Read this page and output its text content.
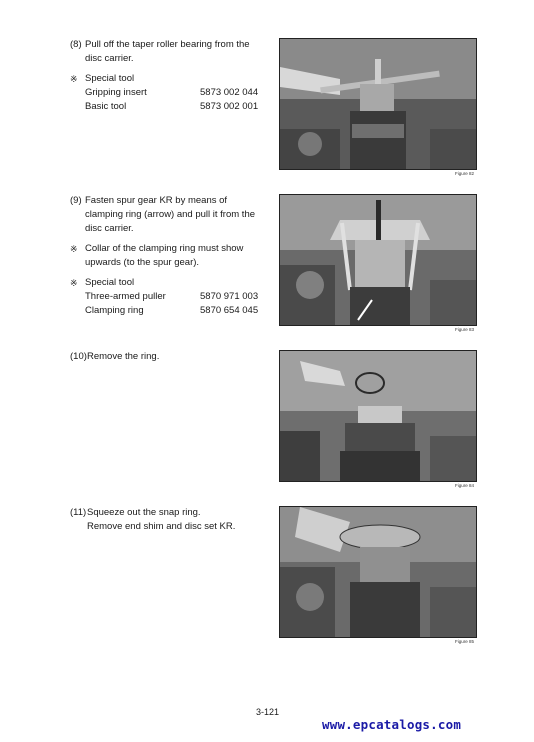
(8) Pull off the taper roller bearing from the disc carrier.
※ Special tool
Gripping insert	5873 002 044
Basic tool	5873 002 001
Figure 82
(9) Fasten spur gear KR by means of clamping ring (arrow) and pull it from the disc carrier.
※ Collar of the clamping ring must show upwards (to the spur gear).
※ Special tool
Three-armed puller	5870 971 003
Clamping ring	5870 654 045
Figure 83
(10) Remove the ring.
Figure 84
(11) Squeeze out the snap ring.
Remove end shim and disc set KR.
Figure 85
3-121
www.epcatalogs.com
